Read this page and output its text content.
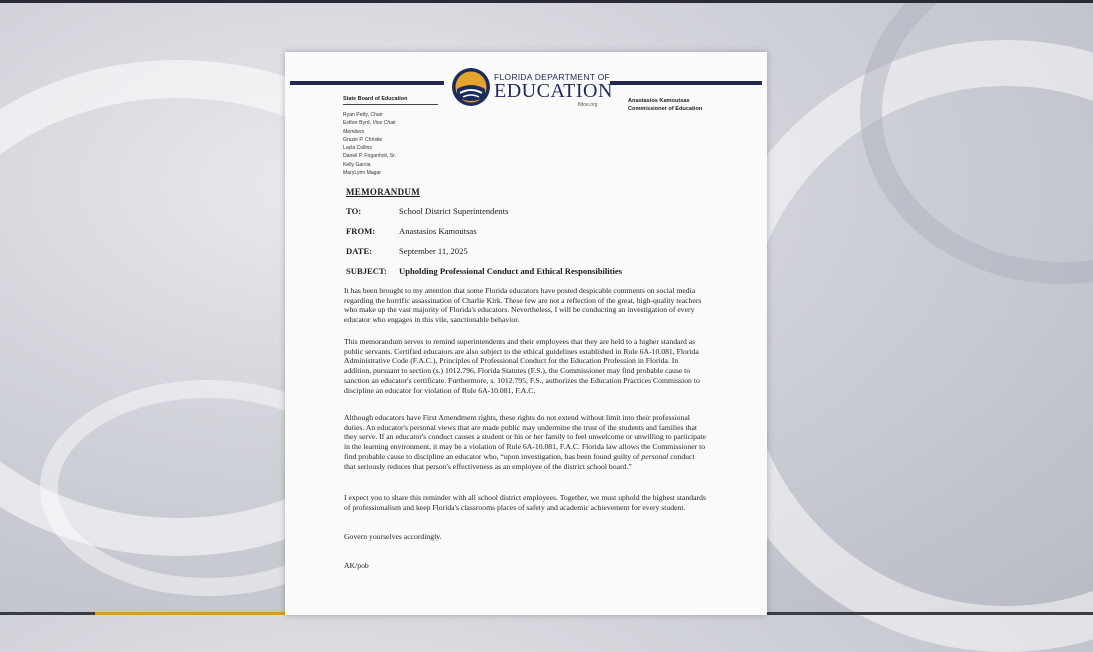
FLORIDA DEPARTMENT OF
EDUCATION
fldoe.org
State Board of Education
Ryan Petty, Chair
Esther Byrd, Vice Chair
Members
Grazie P. Christie
Layla Collins
Daniel P. Foganholi, Sr.
Kelly Garcia
MaryLynn Magar
Anastasios Kamoutsas
Commissioner of Education
MEMORANDUM
TO:	School District Superintendents
FROM:	Anastasios Kamoutsas
DATE:	September 11, 2025
SUBJECT: Upholding Professional Conduct and Ethical Responsibilities

It has been brought to my attention that some Florida educators have posted despicable comments on social media regarding the horrific assassination of Charlie Kirk. These few are not a reflection of the great, high-quality teachers who make up the vast majority of Florida's educators. Nevertheless, I will be conducting an investigation of every educator who engages in this vile, sanctionable behavior.

This memorandum serves to remind superintendents and their employees that they are held to a higher standard as public servants. Certified educators are also subject to the ethical guidelines established in Rule 6A-10.081, Florida Administrative Code (F.A.C.), Principles of Professional Conduct for the Education Profession in Florida. In addition, pursuant to section (s.) 1012.796, Florida Statutes (F.S.), the Commissioner may find probable cause to sanction an educator's certificate. Furthermore, s. 1012.795, F.S., authorizes the Education Practices Commission to discipline an educator for violation of Rule 6A-10.081, F.A.C.

Although educators have First Amendment rights, these rights do not extend without limit into their professional duties. An educator's personal views that are made public may undermine the trust of the students and families that they serve. If an educator's conduct causes a student or his or her family to feel unwelcome or unwilling to participate in the learning environment, it may be a violation of Rule 6A-10.081, F.A.C. Florida law allows the Commissioner to find probable cause to discipline an educator who, “upon investigation, has been found guilty of personal conduct that seriously reduces that person's effectiveness as an employee of the district school board.”

I expect you to share this reminder with all school district employees. Together, we must uphold the highest standards of professionalism and keep Florida's classrooms places of safety and academic achievement for every student.

Govern yourselves accordingly.
AK/pob
